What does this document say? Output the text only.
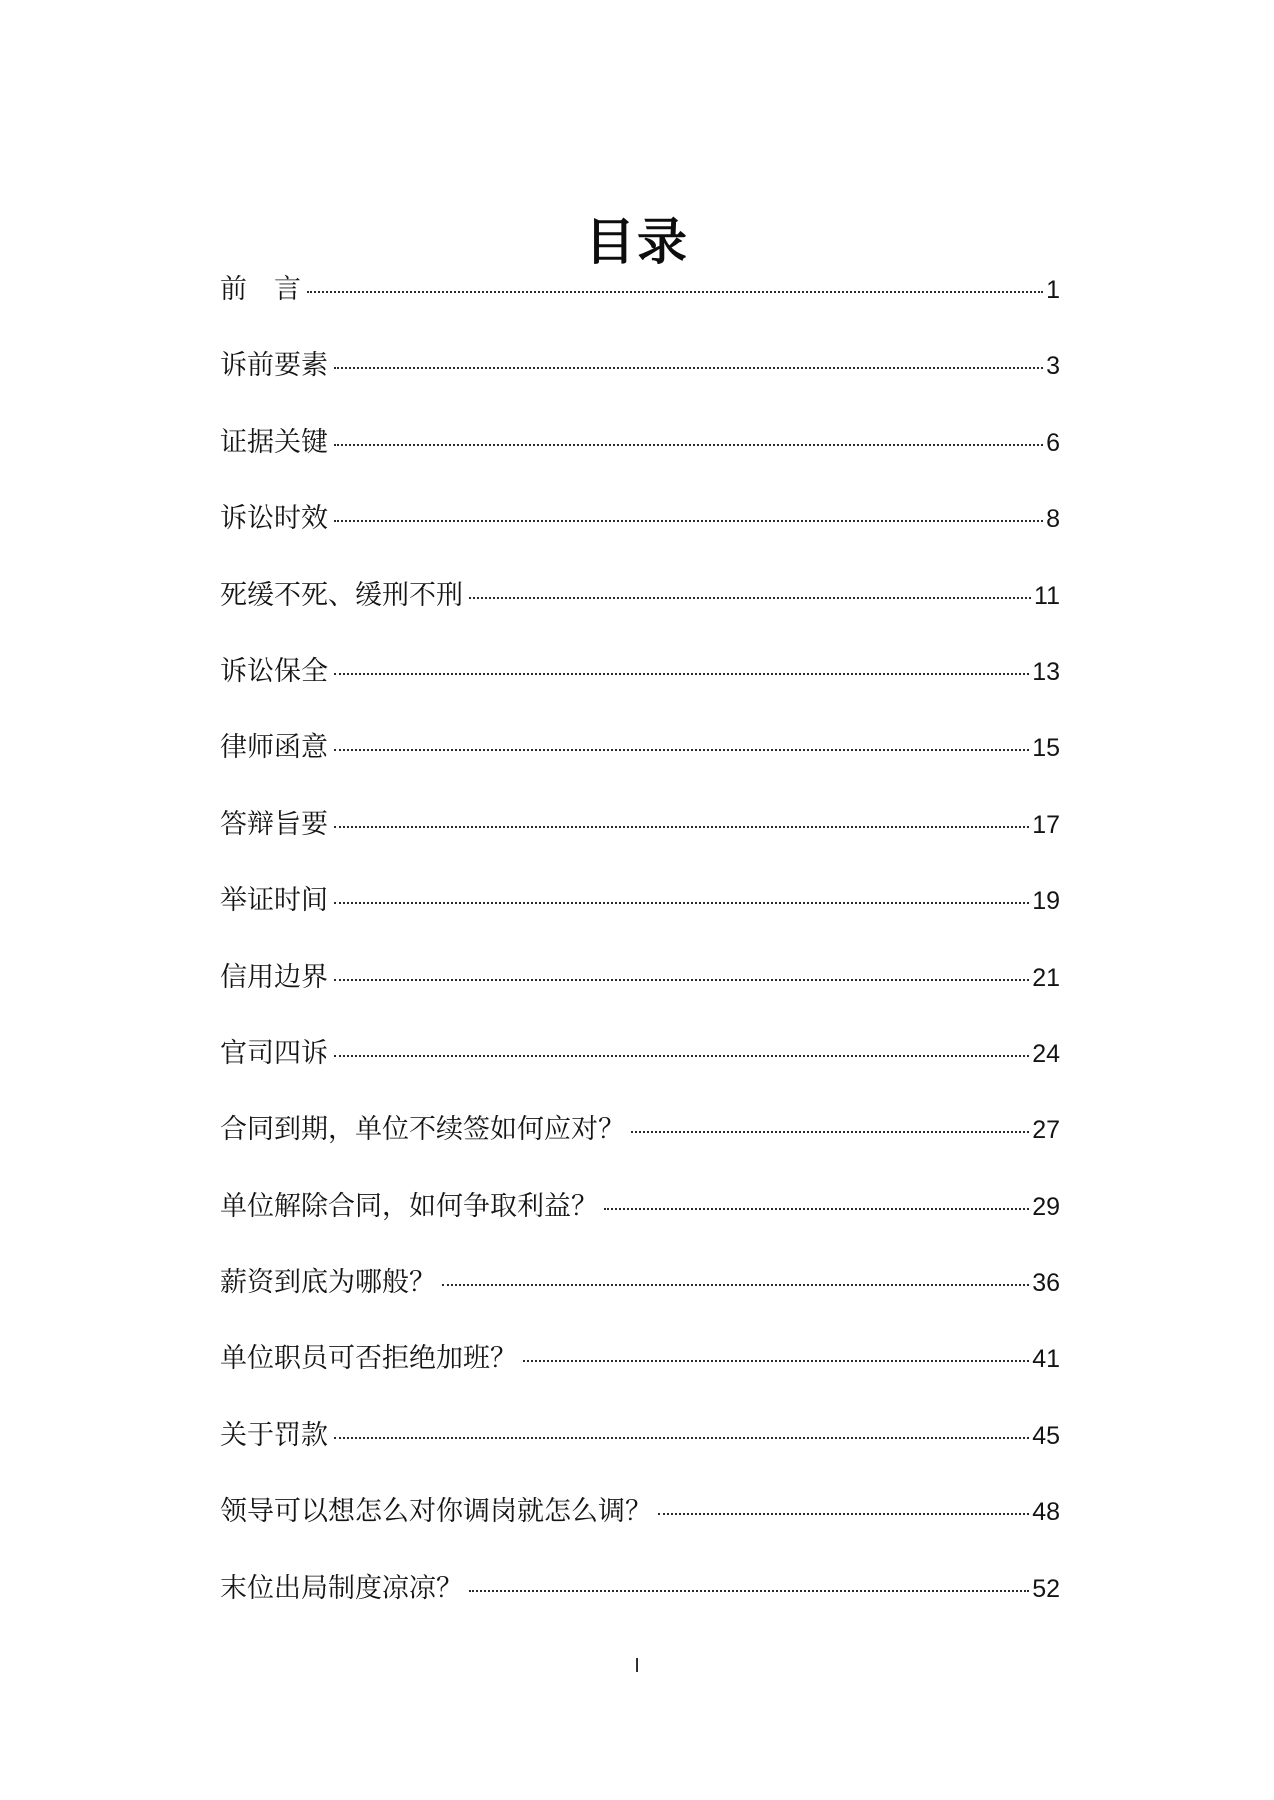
目录
前　言	1
诉前要素	3
证据关键	6
诉讼时效	8
死缓不死、缓刑不刑	11
诉讼保全	13
律师函意	15
答辩旨要	17
举证时间	19
信用边界	21
官司四诉	24
合同到期，单位不续签如何应对？	27
单位解除合同，如何争取利益？	29
薪资到底为哪般？	36
单位职员可否拒绝加班？	41
关于罚款	45
领导可以想怎么对你调岗就怎么调？	48
末位出局制度凉凉？	52
I
